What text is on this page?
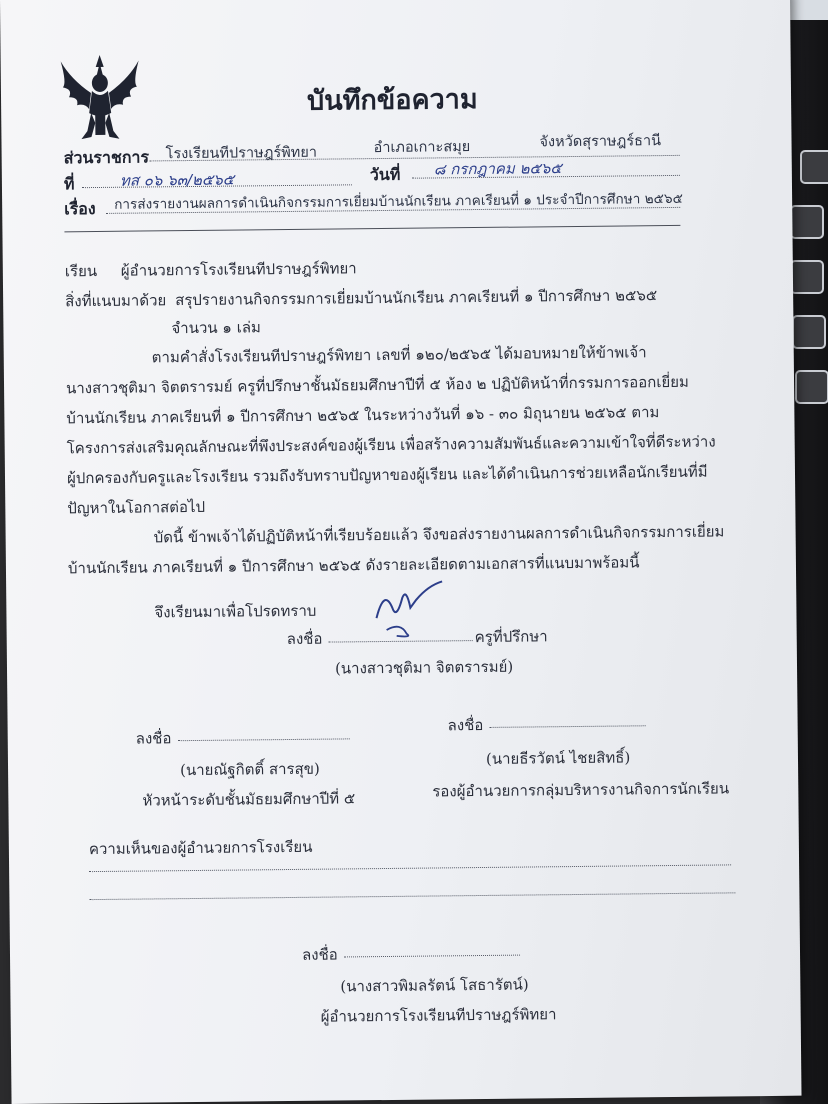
บันทึกข้อความ
ส่วนราชการ โรงเรียนทีปราษฎร์พิทยา	อำเภอเกาะสมุย	จังหวัดสุราษฎร์ธานี
ที่	ทส ๐๖ ๖๓/๒๕๖๕	วันที่ ๘ กรกฎาคม ๒๕๖๕
เรื่อง การส่งรายงานผลการดำเนินกิจกรรมการเยี่ยมบ้านนักเรียน ภาคเรียนที่ ๑ ประจำปีการศึกษา ๒๕๖๕
เรียน ผู้อำนวยการโรงเรียนทีปราษฎร์พิทยา
สิ่งที่แนบมาด้วย สรุปรายงานกิจกรรมการเยี่ยมบ้านนักเรียน ภาคเรียนที่ ๑ ปีการศึกษา ๒๕๖๕
จำนวน ๑ เล่ม
ตามคำสั่งโรงเรียนทีปราษฎร์พิทยา เลขที่ ๑๒๐/๒๕๖๕ ได้มอบหมายให้ข้าพเจ้า
นางสาวชุติมา จิตตรารมย์ ครูที่ปรึกษาชั้นมัธยมศึกษาปีที่ ๕ ห้อง ๒ ปฏิบัติหน้าที่กรรมการออกเยี่ยม
บ้านนักเรียน ภาคเรียนที่ ๑ ปีการศึกษา ๒๕๖๕ ในระหว่างวันที่ ๑๖ - ๓๐ มิถุนายน ๒๕๖๕ ตาม
โครงการส่งเสริมคุณลักษณะที่พึงประสงค์ของผู้เรียน เพื่อสร้างความสัมพันธ์และความเข้าใจที่ดีระหว่าง
ผู้ปกครองกับครูและโรงเรียน รวมถึงรับทราบปัญหาของผู้เรียน และได้ดำเนินการช่วยเหลือนักเรียนที่มี
ปัญหาในโอกาสต่อไป
บัดนี้ ข้าพเจ้าได้ปฏิบัติหน้าที่เรียบร้อยแล้ว จึงขอส่งรายงานผลการดำเนินกิจกรรมการเยี่ยม
บ้านนักเรียน ภาคเรียนที่ ๑ ปีการศึกษา ๒๕๖๕ ดังรายละเอียดตามเอกสารที่แนบมาพร้อมนี้
จึงเรียนมาเพื่อโปรดทราบ
ลงชื่อ	ครูที่ปรึกษา
(นางสาวชุติมา จิตตรารมย์)
ลงชื่อ
(นายณัฐกิตติ์ สารสุข)
หัวหน้าระดับชั้นมัธยมศึกษาปีที่ ๕
ลงชื่อ
(นายธีรวัตน์ ไชยสิทธิ์)
รองผู้อำนวยการกลุ่มบริหารงานกิจการนักเรียน
ความเห็นของผู้อำนวยการโรงเรียน
ลงชื่อ
(นางสาวพิมลรัตน์ โสธารัตน์)
ผู้อำนวยการโรงเรียนทีปราษฎร์พิทยา
